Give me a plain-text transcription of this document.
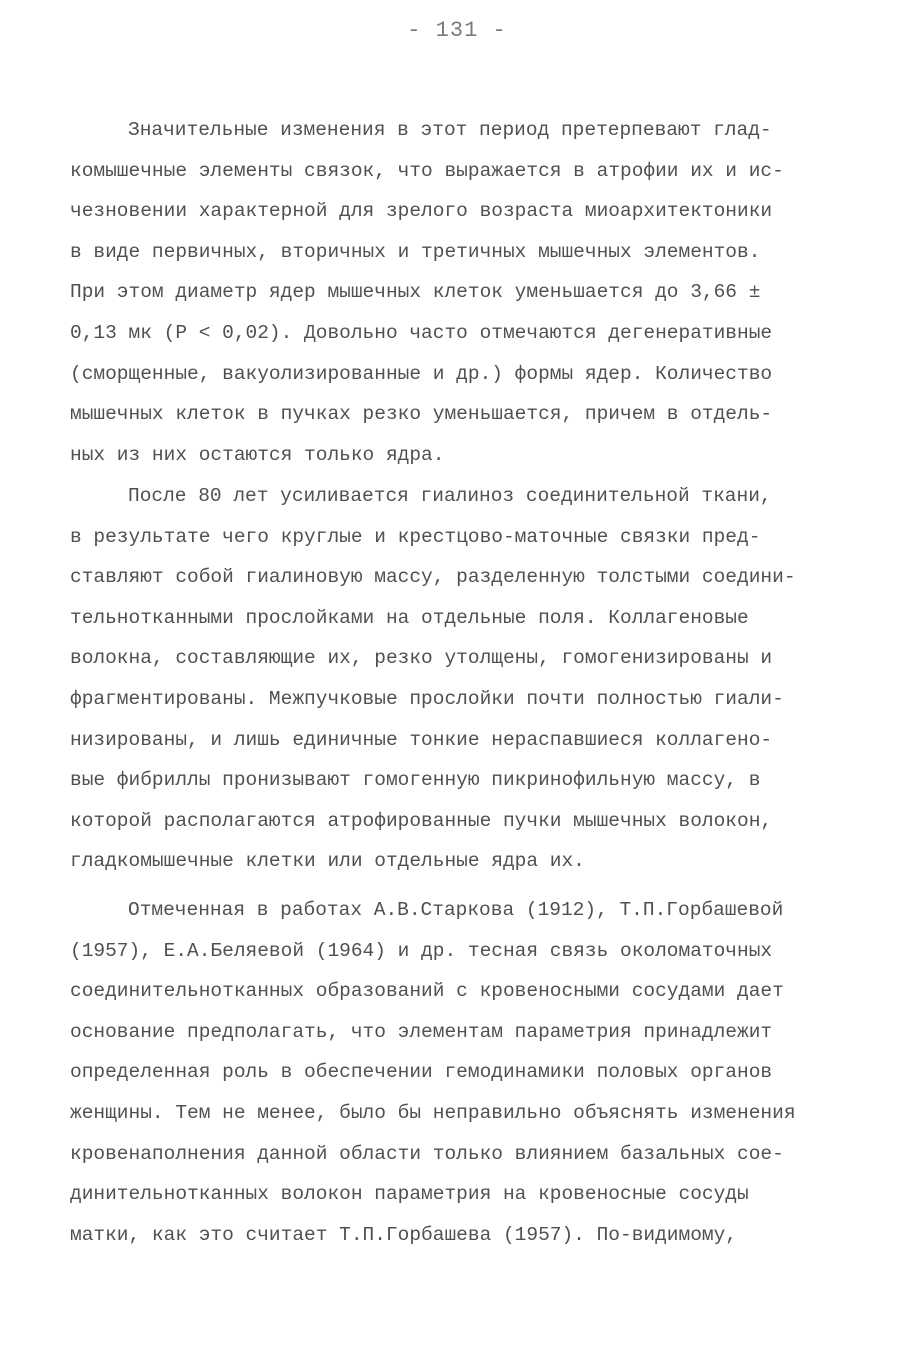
- 131 -
Значительные изменения в этот период претерпевают глад-
комышечные элементы связок, что выражается в атрофии их и ис-
чезновении характерной для зрелого возраста миоархитектоники
в виде первичных, вторичных и третичных мышечных элементов.
При этом диаметр ядер мышечных клеток уменьшается до 3,66 ±
0,13 мк (P < 0,02). Довольно часто отмечаются дегенеративные
(сморщенные, вакуолизированные и др.) формы ядер. Количество
мышечных клеток в пучках резко уменьшается, причем в отдель-
ных из них остаются только ядра.
После 80 лет усиливается гиалиноз соединительной ткани,
в результате чего круглые и крестцово-маточные связки пред-
ставляют собой гиалиновую массу, разделенную толстыми соедини-
тельнотканными прослойками на отдельные поля. Коллагеновые
волокна, составляющие их, резко утолщены, гомогенизированы и
фрагментированы. Межпучковые прослойки почти полностью гиали-
низированы, и лишь единичные тонкие нераспавшиеся коллагено-
вые фибриллы пронизывают гомогенную пикринофильную массу, в
которой располагаются атрофированные пучки мышечных волокон,
гладкомышечные клетки или отдельные ядра их.
Отмеченная в работах А.В.Старкова (1912), Т.П.Горбашевой
(1957), Е.А.Беляевой (1964) и др. тесная связь околоматочных
соединительнотканных образований с кровеносными сосудами дает
основание предполагать, что элементам параметрия принадлежит
определенная роль в обеспечении гемодинамики половых органов
женщины. Тем не менее, было бы неправильно объяснять изменения
кровенаполнения данной области только влиянием базальных сое-
динительнотканных волокон параметрия на кровеносные сосуды
матки, как это считает Т.П.Горбашева (1957). По-видимому,
